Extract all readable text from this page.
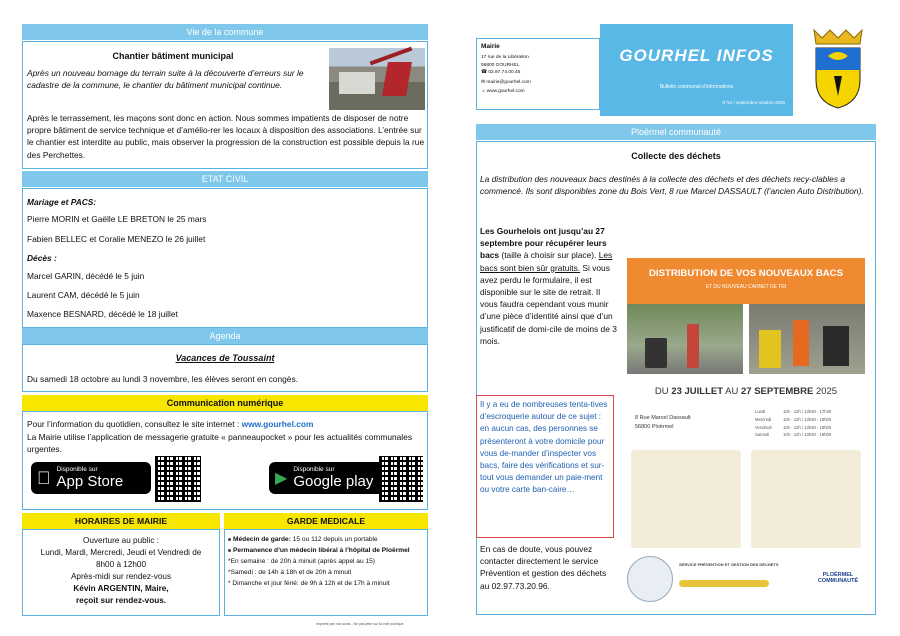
Vie de la commune
Chantier bâtiment municipal

Après un nouveau bornage du terrain suite à la découverte d’erreurs sur le cadastre de la commune, le chantier du bâtiment municipal continue.

Après le terrassement, les maçons sont donc en action. Nous sommes impatients de disposer de notre propre bâtiment de service technique et d’amélio-rer les locaux à disposition des associations. L’entrée sur le chantier est interdite au public, mais observer la progression de la construction est possible depuis la rue des Perchettes.

ETAT CIVIL
Mariage et PACS:
Pierre MORIN et Gaëlle LE BRETON le 25 mars
Fabien BELLEC et Coralie MENEZO le 26 juillet
Décès :
Marcel GARIN, décédé le 5 juin
Laurent CAM, décédé le 5 juin
Maxence BESNARD, décédé le 18 juillet
Agenda
Vacances de Toussaint
Du samedi 18 octobre au lundi 3 novembre, les élèves seront en congès.
Communication numérique

Pour l’information du quotidien, consultez le site internet : www.gourhel.com

La Mairie utilise l’application de messagerie gratuite « panneaupocket » pour les actualités communales urgentes.

Disponible sur
App Store	▶
Disponible sur
Google play
HORAIRES DE MAIRIE	GARDE MEDICALE
Ouverture au public :
Lundi, Mardi, Mercredi, Jeudi et Vendredi de
8h00 à 12h00
Après-midi sur rendez-vous
Kévin ARGENTIN, Maire,
reçoit sur rendez-vous.
Médecin de garde: 15 ou 112 depuis un portable
Permanence d’un médecin libéral à l’hôpital de Ploërmel
*En semaine : de 20h à minuit (après appel au 15)
*Samedi : de 14h à 18h et de 20h à minuit
* Dimanche et jour férié: de 9h à 12h et de 17h à minuit
Imprimé par nos soins - Ne pas jeter sur la voie publique
Mairie
17 rue de la Libération
56800 GOURHEL
☎ 02.97.74.00.45
✉ mairie@gourhel.com
☼ www.gourhel.com
GOURHEL INFOS
Bulletin communal d’informations
N°51 / septembre-octobre 2025
Ploërmel communauté
Collecte des déchets

La distribution des nouveaux bacs destinés à la collecte des déchets et des déchets recy-clables a commencé. Ils sont disponibles zone du Bois Vert, 8 rue Marcel DASSAULT (l’ancien Auto Distribution).

Les Gourhelois ont jusqu’au 27 septembre pour récupérer leurs bacs (taille à choisir sur place). Les bacs sont bien sûr gratuits. Si vous avez perdu le formulaire, il est disponible sur le site de retrait. Il vous faudra cependant vous munir d’une pièce d’identité ainsi que d’un justificatif de domi-cile de moins de 3 mois.

Il y a eu de nombreuses tenta-tives d’escroquerie autour de ce sujet : en aucun cas, des personnes se présenteront à votre domicile pour vous de-mander d’inspecter vos bacs, faire des vérifications et sur-tout vous demander un paie-ment ou votre carte ban-caire…

En cas de doute, vous pouvez contacter directement le service Prévention et gestion des déchets au 02.97.73.20.96.

DISTRIBUTION DE VOS NOUVEAUX BACS
ET DU NOUVEAU CARNET DE TRI
DU 23 JUILLET AU 27 SEPTEMBRE 2025
8 Rue Marcel Dassault
56800 Ploërmel
Lundi	10h - 12h / 13h30 - 17h30
Mercredi	10h - 12h / 13h30 - 18h00
Vendredi	10h - 12h / 13h30 - 18h00
Samedi	10h - 12h / 13h30 - 18h00
SERVICE PRÉVENTION ET GESTION DES DÉCHETS
PLOËRMEL COMMUNAUTÉ
